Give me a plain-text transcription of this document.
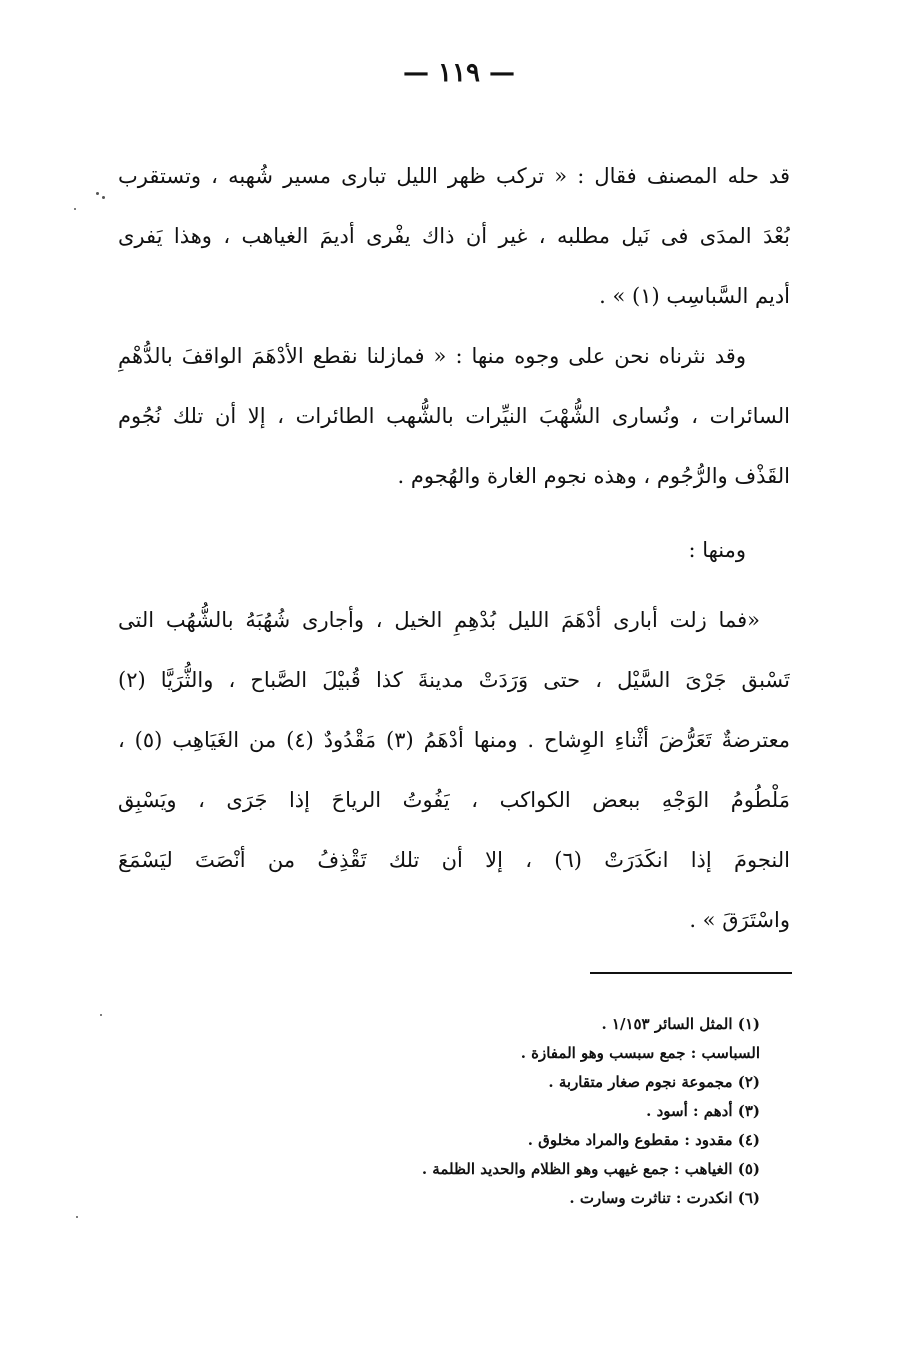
— ١١٩ —
قد حله المصنف فقال : « تركب ظهر الليل تبارى مسير شُهبه ، وتستقرب
بُعْدَ المدَى فى نَيل مطلبه ، غير أن ذاك يفْرى أديمَ الغياهب ، وهذا يَفرى
أديم السَّباسِب (١) » .
وقد نثرناه نحن على وجوه منها : « فمازلنا نقطع الأدْهَمَ الواقفَ بالدُّهْمِ
السائرات ، ونُسارى الشُّهْبَ النيِّرات بالشُّهب الطائرات ، إلا أن تلك نُجُوم
القَذْف والرُّجُوم ، وهذه نجوم الغارة والهُجوم .
ومنها :
«فما زلت أبارى أدْهَمَ الليل بُدْهِمِ الخيل ، وأجارى شُهُبَهُ بالشُّهُب التى
تَسْبق جَرْىَ السَّيْل ، حتى وَرَدَتْ مدينةَ كذا قُبيْلَ الصَّباح ، والثُّرَيَّا (٢)
معترضةٌ تَعَرُّضَ أثْناءِ الوِشاح . ومنها أدْهَمُ (٣) مَقْدُودٌ (٤) من الغَيَاهِب (٥) ،
مَلْطُومُ الوَجْهِ ببعض الكواكب ، يَفُوتُ الرياحَ إذا جَرَى ، ويَسْبِق
النجومَ إذا انكَدَرَتْ (٦) ، إلا أن تلك تَقْذِفُ من أنْصَتَ ليَسْمَعَ
واسْتَرَقَ » .
(١) المثل السائر ١/١٥٣ .
السباسب : جمع سبسب وهو المفازة .
(٢) مجموعة نجوم صغار متقاربة .
(٣) أدهم : أسود .
(٤) مقدود : مقطوع والمراد مخلوق .
(٥) الغياهب : جمع غيهب وهو الظلام والحديد الظلمة .
(٦) انكدرت : تناثرت وسارت .
